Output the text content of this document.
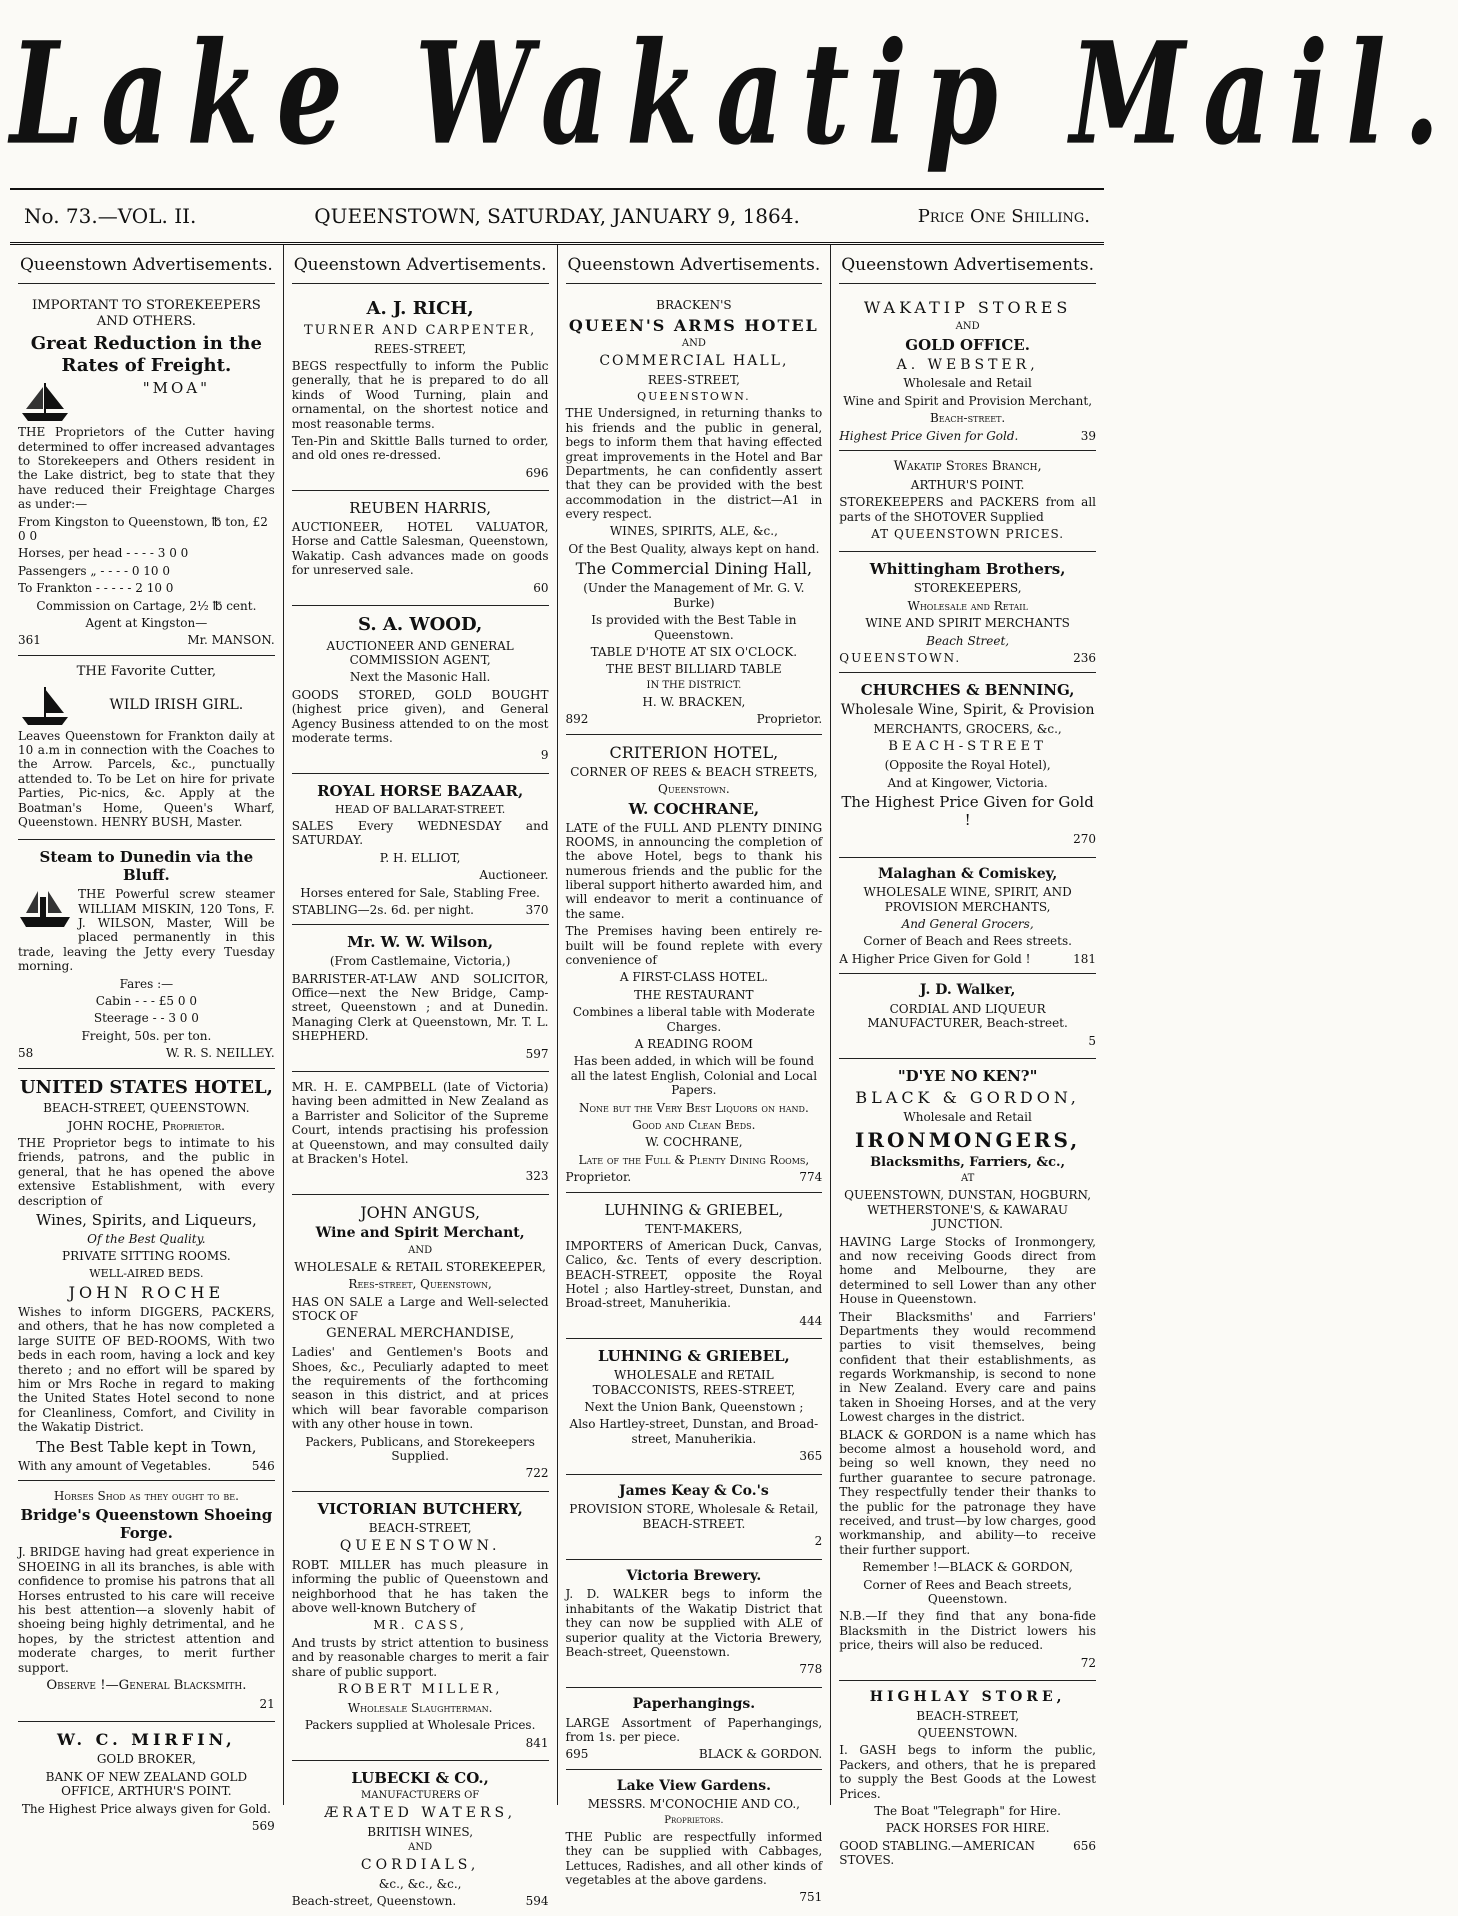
Lake Wakatip Mail.
No. 73.—VOL. II.	QUEENSTOWN, SATURDAY, JANUARY 9, 1864.	Price One Shilling.
Queenstown Advertisements.

IMPORTANT TO STOREKEEPERS AND OTHERS.

Great Reduction in the Rates of Freight.

"MOA"

THE Proprietors of the Cutter having determined to offer increased advantages to Storekeepers and Others resident in the Lake district, beg to state that they have reduced their Freightage Charges as under:—

From Kingston to Queenstown, ℔ ton, £2 0 0

Horses, per head - - - - 3 0 0

Passengers „ - - - - 0 10 0

To Frankton - - - - - 2 10 0

Commission on Cartage, 2½ ℔ cent.

Agent at Kingston—

361	Mr. MANSON.

THE Favorite Cutter,

WILD IRISH GIRL.

Leaves Queenstown for Frankton daily at 10 a.m in connection with the Coaches to the Arrow. Parcels, &c., punctually attended to. To be Let on hire for private Parties, Pic-nics, &c. Apply at the Boatman's Home, Queen's Wharf, Queenstown. HENRY BUSH, Master.

Steam to Dunedin via the Bluff.

THE Powerful screw steamer WILLIAM MISKIN, 120 Tons, F. J. WILSON, Master, Will be placed permanently in this trade, leaving the Jetty every Tuesday morning.

Fares :—

Cabin - - - £5 0 0

Steerage - - 3 0 0

Freight, 50s. per ton.

58	W. R. S. NEILLEY.

UNITED STATES HOTEL,

BEACH-STREET, QUEENSTOWN.

JOHN ROCHE, Proprietor.

THE Proprietor begs to intimate to his friends, patrons, and the public in general, that he has opened the above extensive Establishment, with every description of

Wines, Spirits, and Liqueurs,

Of the Best Quality.

PRIVATE SITTING ROOMS.

WELL-AIRED BEDS.

JOHN ROCHE

Wishes to inform DIGGERS, PACKERS, and others, that he has now completed a large SUITE OF BED-ROOMS, With two beds in each room, having a lock and key thereto ; and no effort will be spared by him or Mrs Roche in regard to making the United States Hotel second to none for Cleanliness, Comfort, and Civility in the Wakatip District.

The Best Table kept in Town,

With any amount of Vegetables.	546

Horses Shod as they ought to be.

Bridge's Queenstown Shoeing Forge.

J. BRIDGE having had great experience in SHOEING in all its branches, is able with confidence to promise his patrons that all Horses entrusted to his care will receive his best attention—a slovenly habit of shoeing being highly detrimental, and he hopes, by the strictest attention and moderate charges, to merit further support.

Observe !—General Blacksmith.

21

W. C. MIRFIN,

GOLD BROKER,

BANK OF NEW ZEALAND GOLD OFFICE, ARTHUR'S POINT.

The Highest Price always given for Gold.

569

Queenstown Advertisements.

A. J. RICH,

TURNER AND CARPENTER,

REES-STREET,

BEGS respectfully to inform the Public generally, that he is prepared to do all kinds of Wood Turning, plain and ornamental, on the shortest notice and most reasonable terms.

Ten-Pin and Skittle Balls turned to order, and old ones re-dressed.

696

REUBEN HARRIS,

AUCTIONEER, HOTEL VALUATOR, Horse and Cattle Salesman, Queenstown, Wakatip. Cash advances made on goods for unreserved sale.

60

S. A. WOOD,

AUCTIONEER AND GENERAL COMMISSION AGENT,

Next the Masonic Hall.

GOODS STORED, GOLD BOUGHT (highest price given), and General Agency Business attended to on the most moderate terms.

9

ROYAL HORSE BAZAAR,

HEAD OF BALLARAT-STREET.

SALES Every WEDNESDAY and SATURDAY.

P. H. ELLIOT,

Auctioneer.

Horses entered for Sale, Stabling Free.

STABLING—2s. 6d. per night.	370

Mr. W. W. Wilson,

(From Castlemaine, Victoria,)

BARRISTER-AT-LAW AND SOLICITOR, Office—next the New Bridge, Camp-street, Queenstown ; and at Dunedin. Managing Clerk at Queenstown, Mr. T. L. SHEPHERD.

597

MR. H. E. CAMPBELL (late of Victoria) having been admitted in New Zealand as a Barrister and Solicitor of the Supreme Court, intends practising his profession at Queenstown, and may consulted daily at Bracken's Hotel.

323

JOHN ANGUS,

Wine and Spirit Merchant,

AND

WHOLESALE & RETAIL STOREKEEPER,

Rees-street, Queenstown,

HAS ON SALE a Large and Well-selected STOCK OF

GENERAL MERCHANDISE,

Ladies' and Gentlemen's Boots and Shoes, &c., Peculiarly adapted to meet the requirements of the forthcoming season in this district, and at prices which will bear favorable comparison with any other house in town.

Packers, Publicans, and Storekeepers Supplied.

722

VICTORIAN BUTCHERY,

BEACH-STREET,

QUEENSTOWN.

ROBT. MILLER has much pleasure in informing the public of Queenstown and neighborhood that he has taken the above well-known Butchery of

MR. CASS,

And trusts by strict attention to business and by reasonable charges to merit a fair share of public support.

ROBERT MILLER,

Wholesale Slaughterman.

Packers supplied at Wholesale Prices.

841

LUBECKI & CO.,

MANUFACTURERS OF

ÆRATED WATERS,

BRITISH WINES,

AND

CORDIALS,

&c., &c., &c.,

Beach-street, Queenstown.	594
Queenstown Advertisements.

BRACKEN'S

QUEEN'S ARMS HOTEL

AND

COMMERCIAL HALL,

REES-STREET,

QUEENSTOWN.

THE Undersigned, in returning thanks to his friends and the public in general, begs to inform them that having effected great improvements in the Hotel and Bar Departments, he can confidently assert that they can be provided with the best accommodation in the district—A1 in every respect.

WINES, SPIRITS, ALE, &c.,

Of the Best Quality, always kept on hand.

The Commercial Dining Hall,

(Under the Management of Mr. G. V. Burke)

Is provided with the Best Table in Queenstown.

TABLE D'HOTE AT SIX O'CLOCK.

THE BEST BILLIARD TABLE

IN THE DISTRICT.

H. W. BRACKEN,

892	Proprietor.

CRITERION HOTEL,

CORNER OF REES & BEACH STREETS,

Queenstown.

W. COCHRANE,

LATE of the FULL AND PLENTY DINING ROOMS, in announcing the completion of the above Hotel, begs to thank his numerous friends and the public for the liberal support hitherto awarded him, and will endeavor to merit a continuance of the same.

The Premises having been entirely re-built will be found replete with every convenience of

A FIRST-CLASS HOTEL.

THE RESTAURANT

Combines a liberal table with Moderate Charges.

A READING ROOM

Has been added, in which will be found all the latest English, Colonial and Local Papers.

None but the Very Best Liquors on hand.

Good and Clean Beds.

W. COCHRANE,

Late of the Full & Plenty Dining Rooms,

Proprietor.	774

LUHNING & GRIEBEL,

TENT-MAKERS,

IMPORTERS of American Duck, Canvas, Calico, &c. Tents of every description. BEACH-STREET, opposite the Royal Hotel ; also Hartley-street, Dunstan, and Broad-street, Manuherikia.

444

LUHNING & GRIEBEL,

WHOLESALE and RETAIL TOBACCONISTS, REES-STREET,

Next the Union Bank, Queenstown ;

Also Hartley-street, Dunstan, and Broad-street, Manuherikia.

365

James Keay & Co.'s

PROVISION STORE, Wholesale & Retail, BEACH-STREET.

2

Victoria Brewery.

J. D. WALKER begs to inform the inhabitants of the Wakatip District that they can now be supplied with ALE of superior quality at the Victoria Brewery, Beach-street, Queenstown.

778

Paperhangings.

LARGE Assortment of Paperhangings, from 1s. per piece.

695	BLACK & GORDON.

Lake View Gardens.

MESSRS. M'CONOCHIE AND CO.,

Proprietors.

THE Public are respectfully informed they can be supplied with Cabbages, Lettuces, Radishes, and all other kinds of vegetables at the above gardens.

751

Queenstown Advertisements.

WAKATIP STORES

AND

GOLD OFFICE.

A. WEBSTER,

Wholesale and Retail

Wine and Spirit and Provision Merchant,

Beach-street.

Highest Price Given for Gold.	39

Wakatip Stores Branch,

ARTHUR'S POINT.

STOREKEEPERS and PACKERS from all parts of the SHOTOVER Supplied

AT QUEENSTOWN PRICES.

Whittingham Brothers,

STOREKEEPERS,

Wholesale and Retail

WINE AND SPIRIT MERCHANTS

Beach Street,

QUEENSTOWN.	236

CHURCHES & BENNING,

Wholesale Wine, Spirit, & Provision

MERCHANTS, GROCERS, &c.,

BEACH-STREET

(Opposite the Royal Hotel),

And at Kingower, Victoria.

The Highest Price Given for Gold !

270

Malaghan & Comiskey,

WHOLESALE WINE, SPIRIT, AND PROVISION MERCHANTS,

And General Grocers,

Corner of Beach and Rees streets.

A Higher Price Given for Gold !	181

J. D. Walker,

CORDIAL AND LIQUEUR MANUFACTURER, Beach-street.

5

"D'YE NO KEN?"

BLACK & GORDON,

Wholesale and Retail

IRONMONGERS,

Blacksmiths, Farriers, &c.,

AT

QUEENSTOWN, DUNSTAN, HOGBURN, WETHERSTONE'S, & KAWARAU JUNCTION.

HAVING Large Stocks of Ironmongery, and now receiving Goods direct from home and Melbourne, they are determined to sell Lower than any other House in Queenstown.

Their Blacksmiths' and Farriers' Departments they would recommend parties to visit themselves, being confident that their establishments, as regards Workmanship, is second to none in New Zealand. Every care and pains taken in Shoeing Horses, and at the very Lowest charges in the district.

BLACK & GORDON is a name which has become almost a household word, and being so well known, they need no further guarantee to secure patronage. They respectfully tender their thanks to the public for the patronage they have received, and trust—by low charges, good workmanship, and ability—to receive their further support.

Remember !—BLACK & GORDON,

Corner of Rees and Beach streets, Queenstown.

N.B.—If they find that any bona-fide Blacksmith in the District lowers his price, theirs will also be reduced.

72

HIGHLAY STORE,

BEACH-STREET,

QUEENSTOWN.

I. GASH begs to inform the public, Packers, and others, that he is prepared to supply the Best Goods at the Lowest Prices.

The Boat "Telegraph" for Hire.

PACK HORSES FOR HIRE.

GOOD STABLING.—AMERICAN STOVES.
656
